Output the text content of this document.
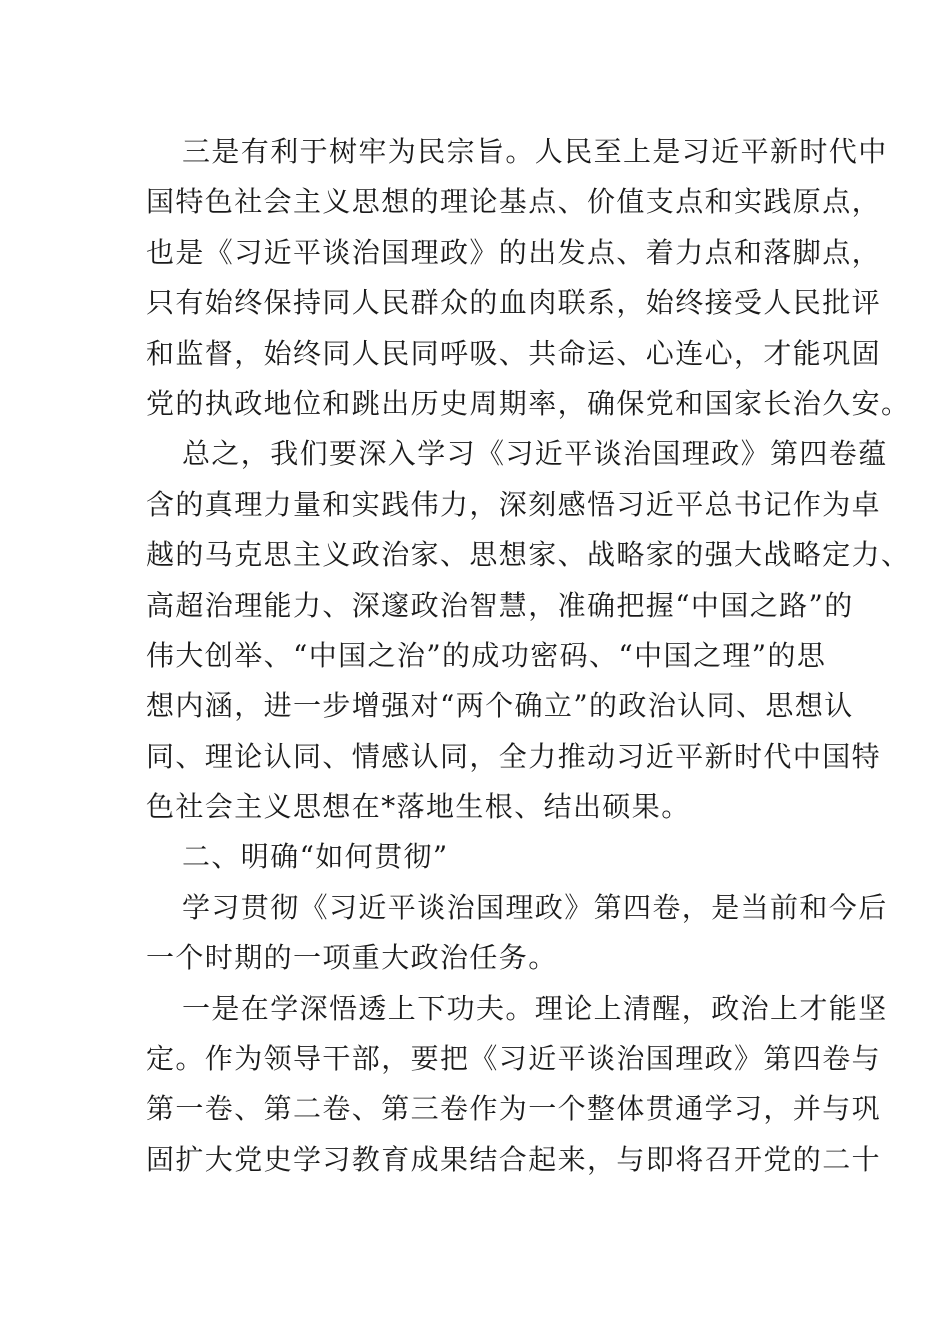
三是有利于树牢为民宗旨。人民至上是习近平新时代中
国特色社会主义思想的理论基点、价值支点和实践原点，
也是《习近平谈治国理政》的出发点、着力点和落脚点，
只有始终保持同人民群众的血肉联系，始终接受人民批评
和监督，始终同人民同呼吸、共命运、心连心，才能巩固
党的执政地位和跳出历史周期率，确保党和国家长治久安。
总之，我们要深入学习《习近平谈治国理政》第四卷蕴
含的真理力量和实践伟力，深刻感悟习近平总书记作为卓
越的马克思主义政治家、思想家、战略家的强大战略定力、
高超治理能力、深邃政治智慧，准确把握“中国之路”的
伟大创举、“中国之治”的成功密码、“中国之理”的思
想内涵，进一步增强对“两个确立”的政治认同、思想认
同、理论认同、情感认同，全力推动习近平新时代中国特
色社会主义思想在*落地生根、结出硕果。
二、明确“如何贯彻”
学习贯彻《习近平谈治国理政》第四卷，是当前和今后
一个时期的一项重大政治任务。
一是在学深悟透上下功夫。理论上清醒，政治上才能坚
定。作为领导干部，要把《习近平谈治国理政》第四卷与
第一卷、第二卷、第三卷作为一个整体贯通学习，并与巩
固扩大党史学习教育成果结合起来，与即将召开党的二十
